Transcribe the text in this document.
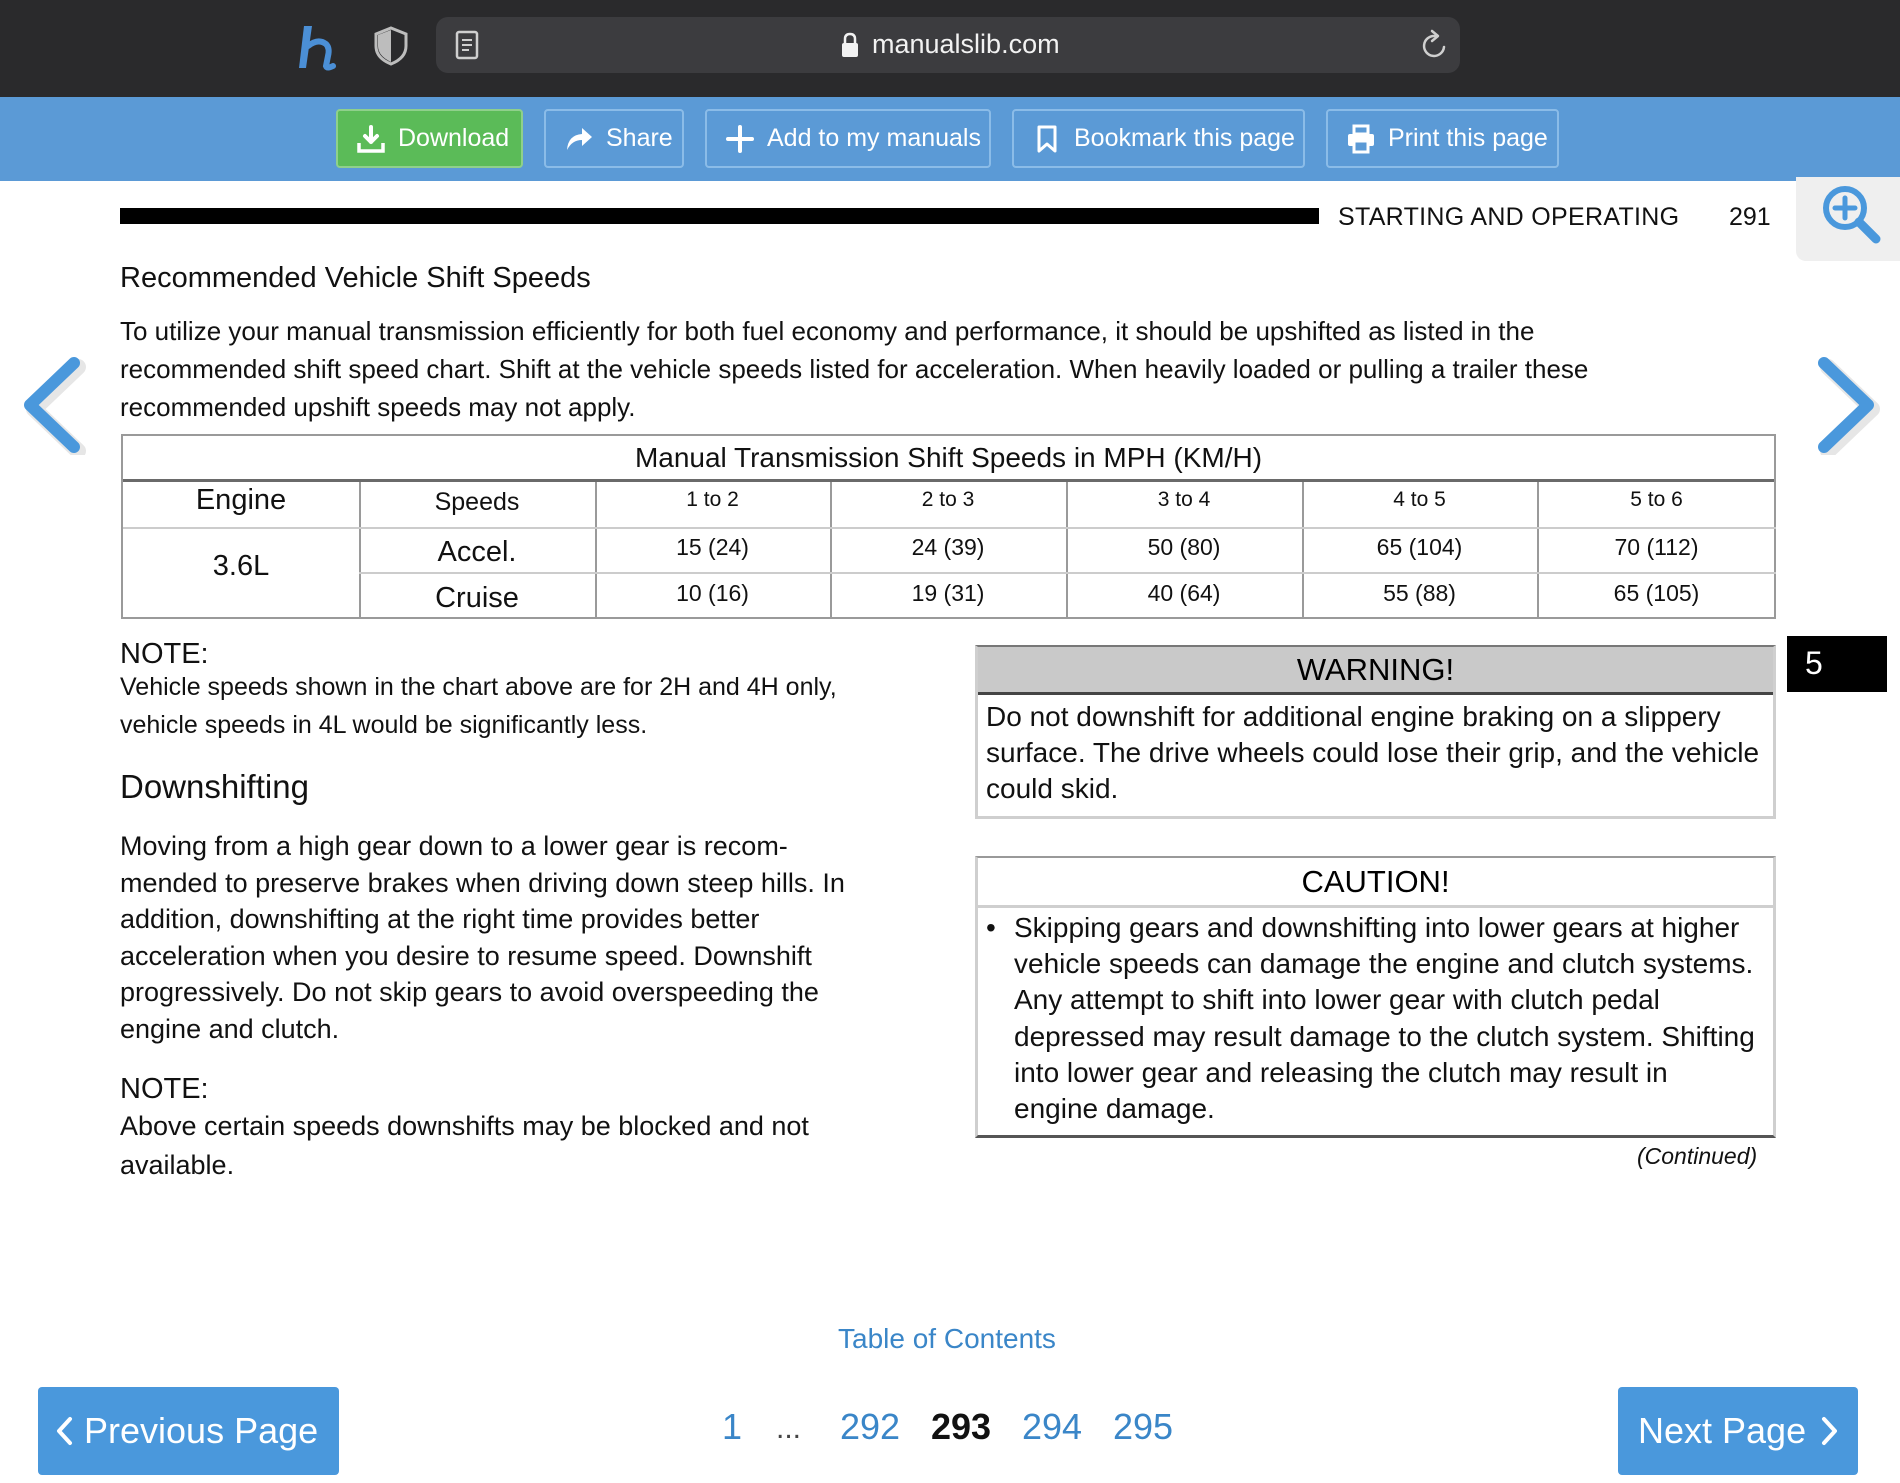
manualslib.com
Download	Share	Add to my manuals	Bookmark this page	Print this page
STARTING AND OPERATING 291
Recommended Vehicle Shift Speeds
To utilize your manual transmission efficiently for both fuel economy and performance, it should be upshifted as listed in the recommended shift speed chart. Shift at the vehicle speeds listed for acceleration. When heavily loaded or pulling a trailer these recommended upshift speeds may not apply.
Manual Transmission Shift Speeds in MPH (KM/H)
Engine	Speeds	1 to 2	2 to 3	3 to 4	4 to 5	5 to 6
3.6L	Accel.	15 (24)	24 (39)	50 (80)	65 (104)	70 (112)
Cruise	10 (16)	19 (31)	40 (64)	55 (88)	65 (105)
NOTE:
Vehicle speeds shown in the chart above are for 2H and 4H only, vehicle speeds in 4L would be significantly less.
Downshifting
Moving from a high gear down to a lower gear is recom-mended to preserve brakes when driving down steep hills. In addition, downshifting at the right time provides better acceleration when you desire to resume speed. Downshift progressively. Do not skip gears to avoid overspeeding the engine and clutch.
NOTE:
Above certain speeds downshifts may be blocked and not available.
WARNING!
Do not downshift for additional engine braking on a slippery surface. The drive wheels could lose their grip, and the vehicle could skid.
CAUTION!
• Skipping gears and downshifting into lower gears at higher vehicle speeds can damage the engine and clutch systems. Any attempt to shift into lower gear with clutch pedal depressed may result damage to the clutch system. Shifting into lower gear and releasing the clutch may result in engine damage.
(Continued)
5
Table of Contents
Previous Page	1 ... 292 293 294 295	Next Page
